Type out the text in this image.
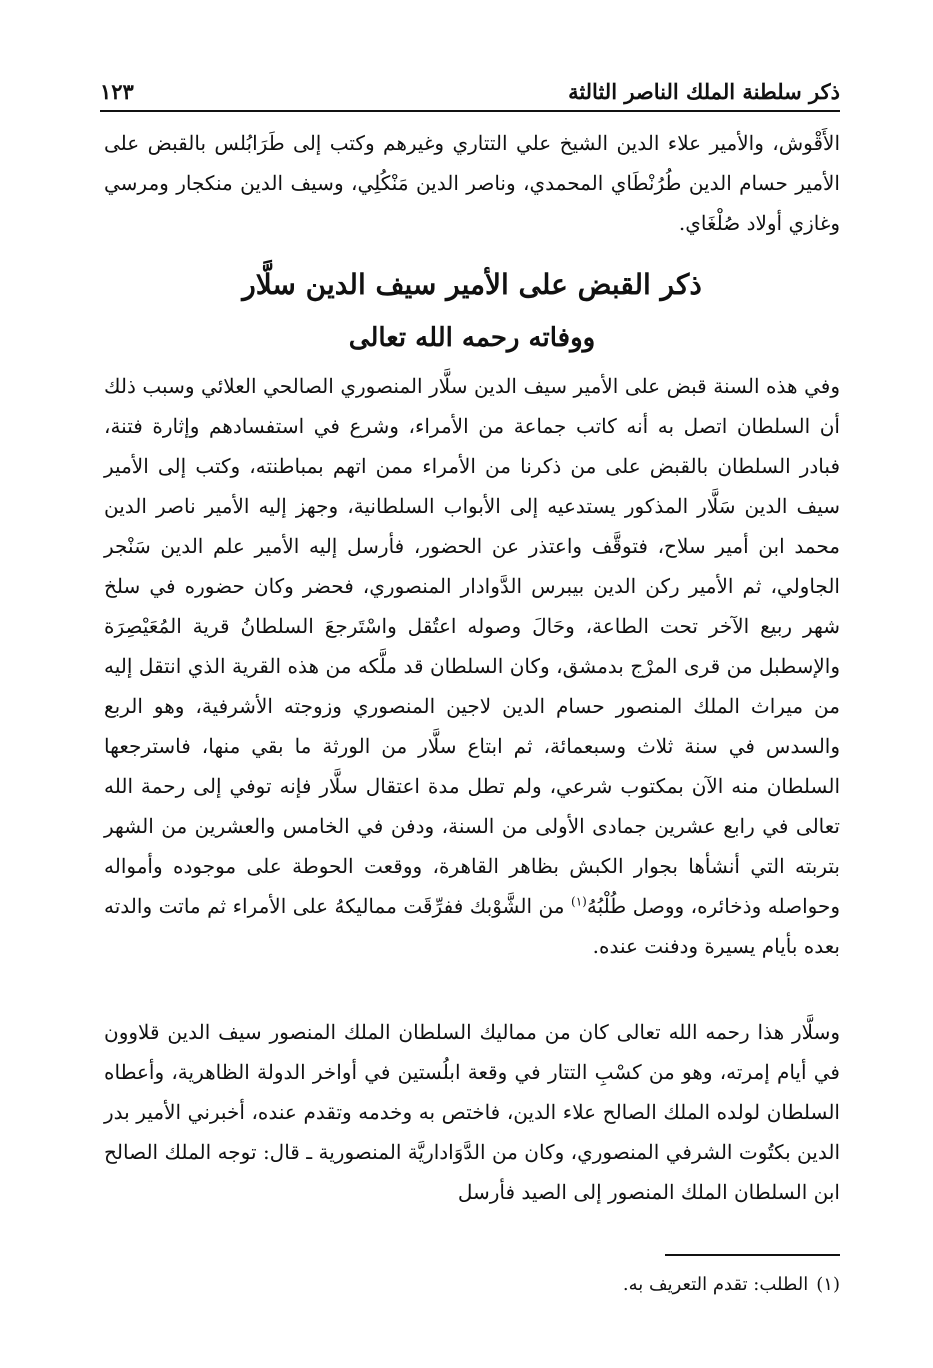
ذكر سلطنة الملك الناصر الثالثة
١٢٣

الأَقْوش، والأمير علاء الدين الشيخ علي التتاري وغيرهم وكتب إلى طَرَابُلس بالقبض على الأمير حسام الدين طُرُنْطَاي المحمدي، وناصر الدين مَنْكُلِي، وسيف الدين منكجار ومرسي وغازي أولاد صُلْغَاي.

ذكر القبض على الأمير سيف الدين سلَّار
ووفاته رحمه الله تعالى

وفي هذه السنة قبض على الأمير سيف الدين سلَّار المنصوري الصالحي العلائي وسبب ذلك أن السلطان اتصل به أنه كاتب جماعة من الأمراء، وشرع في استفسادهم وإثارة فتنة، فبادر السلطان بالقبض على من ذكرنا من الأمراء ممن اتهم بمباطنته، وكتب إلى الأمير سيف الدين سَلَّار المذكور يستدعيه إلى الأبواب السلطانية، وجهز إليه الأمير ناصر الدين محمد ابن أمير سلاح، فتوقَّف واعتذر عن الحضور، فأرسل إليه الأمير علم الدين سَنْجر الجاولي، ثم الأمير ركن الدين بيبرس الدَّوادار المنصوري، فحضر وكان حضوره في سلخ شهر ربيع الآخر تحت الطاعة، وحَالَ وصوله اعتُقل واسْتَرجعَ السلطانُ قرية المُعَيْصِرَة والإسطبل من قرى المرْج بدمشق، وكان السلطان قد ملَّكه من هذه القرية الذي انتقل إليه من ميراث الملك المنصور حسام الدين لاجين المنصوري وزوجته الأشرفية، وهو الربع والسدس في سنة ثلاث وسبعمائة، ثم ابتاع سلَّار من الورثة ما بقي منها، فاسترجعها السلطان منه الآن بمكتوب شرعي، ولم تطل مدة اعتقال سلَّار فإنه توفي إلى رحمة الله تعالى في رابع عشرين جمادى الأولى من السنة، ودفن في الخامس والعشرين من الشهر بتربته التي أنشأها بجوار الكبش بظاهر القاهرة، ووقعت الحوطة على موجوده وأمواله وحواصله وذخائره، ووصل طُلْبُهُ$^{(١)}$ من الشَّوْبك ففرِّقَت مماليكهُ على الأمراء ثم ماتت والدته بعده بأيام يسيرة ودفنت عنده.

وسلَّار هذا رحمه الله تعالى كان من مماليك السلطان الملك المنصور سيف الدين قلاوون في أيام إمرته، وهو من كسْبِ التتار في وقعة ابلُستين في أواخر الدولة الظاهرية، وأعطاه السلطان لولده الملك الصالح علاء الدين، فاختص به وخدمه وتقدم عنده، أخبرني الأمير بدر الدين بكتُوت الشرفي المنصوري، وكان من الدَّوَاداريَّة المنصورية ـ قال: توجه الملك الصالح ابن السلطان الملك المنصور إلى الصيد فأرسل

(١)الطلب: تقدم التعريف به.
